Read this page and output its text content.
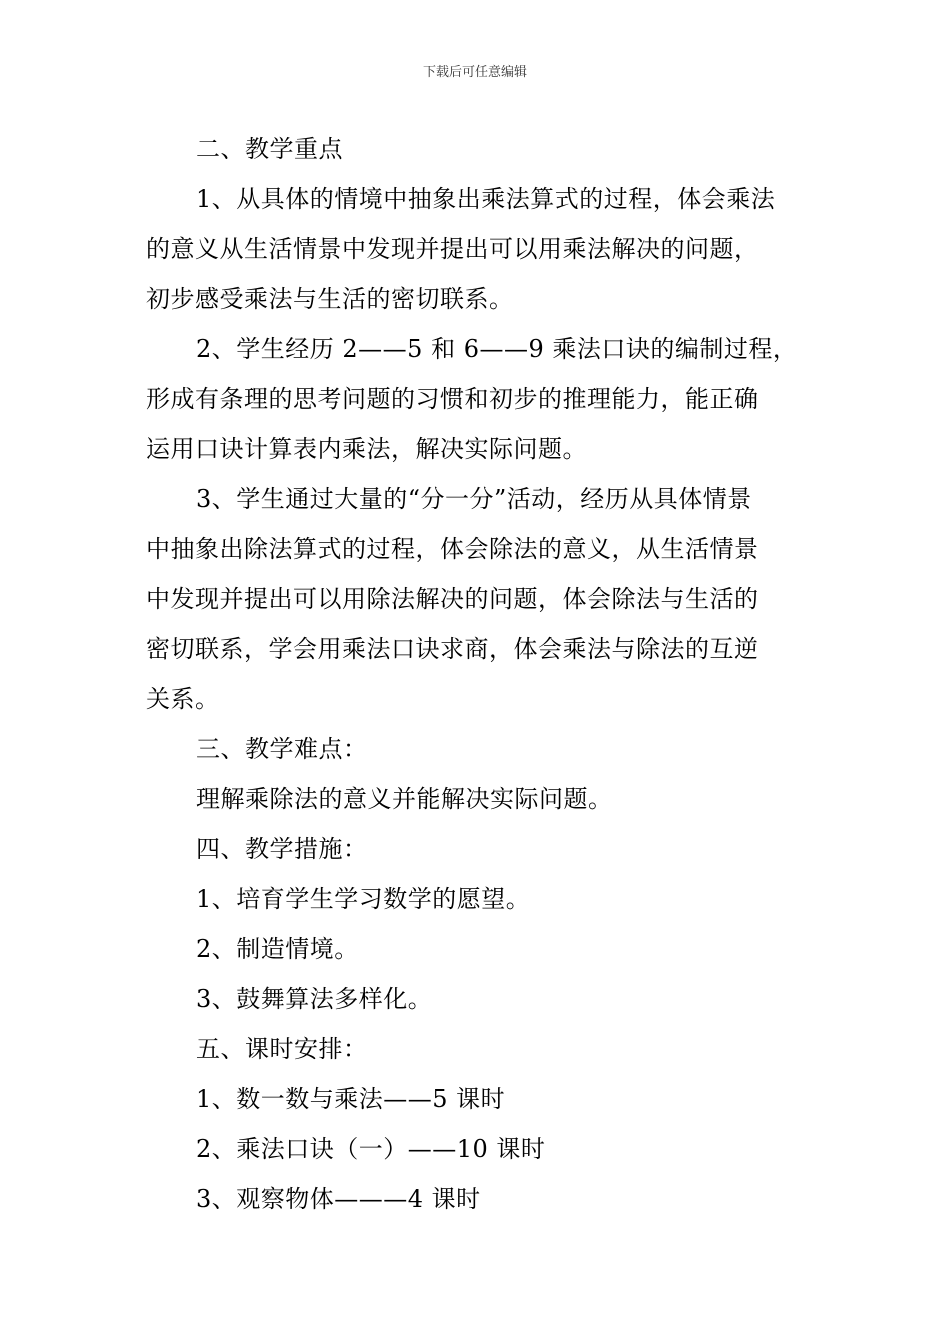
下载后可任意编辑
二、教学重点
1、从具体的情境中抽象出乘法算式的过程，体会乘法
的意义从生活情景中发现并提出可以用乘法解决的问题，
初步感受乘法与生活的密切联系。
2、学生经历 2——5 和 6——9 乘法口诀的编制过程，
形成有条理的思考问题的习惯和初步的推理能力，能正确
运用口诀计算表内乘法，解决实际问题。
3、学生通过大量的“分一分”活动，经历从具体情景
中抽象出除法算式的过程，体会除法的意义，从生活情景
中发现并提出可以用除法解决的问题，体会除法与生活的
密切联系，学会用乘法口诀求商，体会乘法与除法的互逆
关系。
三、教学难点：
理解乘除法的意义并能解决实际问题。
四、教学措施：
1、培育学生学习数学的愿望。
2、制造情境。
3、鼓舞算法多样化。
五、课时安排：
1、数一数与乘法——5 课时
2、乘法口诀（一）——10 课时
3、观察物体———4 课时
